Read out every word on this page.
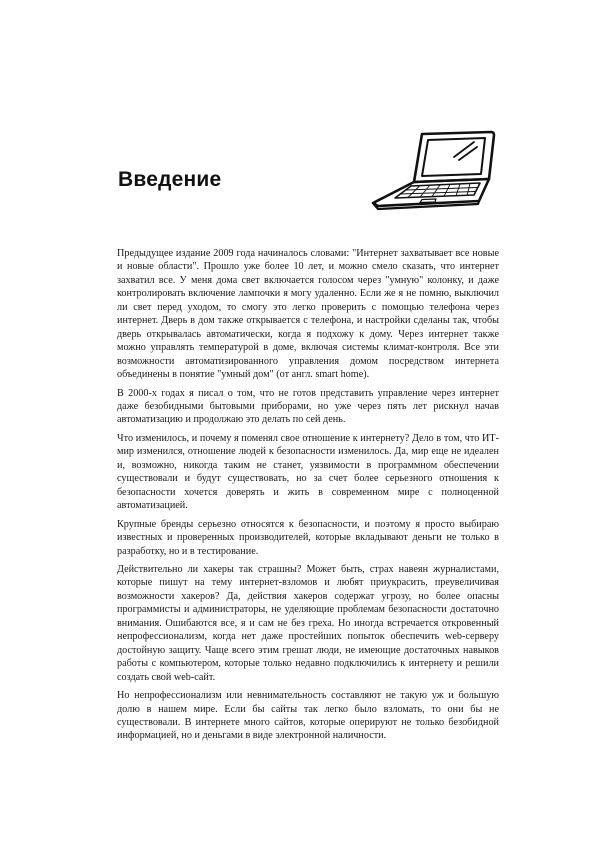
Введение

Предыдущее издание 2009 года начиналось словами: "Интернет захватывает все новые и новые области". Прошло уже более 10 лет, и можно смело сказать, что интернет захватил все. У меня дома свет включается голосом через "умную" колонку, и даже контролировать включение лампочки я могу удаленно. Если же я не помню, выключил ли свет перед уходом, то смогу это легко проверить с помощью телефона через интернет. Дверь в дом также открывается с телефона, и настройки сделаны так, чтобы дверь открывалась автоматически, когда я подхожу к дому. Через интернет также можно управлять температурой в доме, включая системы климат-контроля. Все эти возможности автоматизированного управления домом посредством интернета объединены в понятие "умный дом" (от англ. smart home).

В 2000-х годах я писал о том, что не готов представить управление через интернет даже безобидными бытовыми приборами, но уже через пять лет рискнул начав автоматизацию и продолжаю это делать по сей день.

Что изменилось, и почему я поменял свое отношение к интернету? Дело в том, что ИТ-мир изменился, отношение людей к безопасности изменилось. Да, мир еще не идеален и, возможно, никогда таким не станет, уязвимости в программном обеспечении существовали и будут существовать, но за счет более серьезного отношения к безопасности хочется доверять и жить в современном мире с полноценной автоматизацией.

Крупные бренды серьезно относятся к безопасности, и поэтому я просто выбираю известных и проверенных производителей, которые вкладывают деньги не только в разработку, но и в тестирование.

Действительно ли хакеры так страшны? Может быть, страх навеян журналистами, которые пишут на тему интернет-взломов и любят приукрасить, преувеличивая возможности хакеров? Да, действия хакеров содержат угрозу, но более опасны программисты и администраторы, не уделяющие проблемам безопасности достаточно внимания. Ошибаются все, я и сам не без греха. Но иногда встречается откровенный непрофессионализм, когда нет даже простейших попыток обеспечить web-серверу достойную защиту. Чаще всего этим грешат люди, не имеющие достаточных навыков работы с компьютером, которые только недавно подключились к интернету и решили создать свой web-сайт.

Но непрофессионализм или невнимательность составляют не такую уж и большую долю в нашем мире. Если бы сайты так легко было взломать, то они бы не существовали. В интернете много сайтов, которые оперируют не только безобидной информацией, но и деньгами в виде электронной наличности.
